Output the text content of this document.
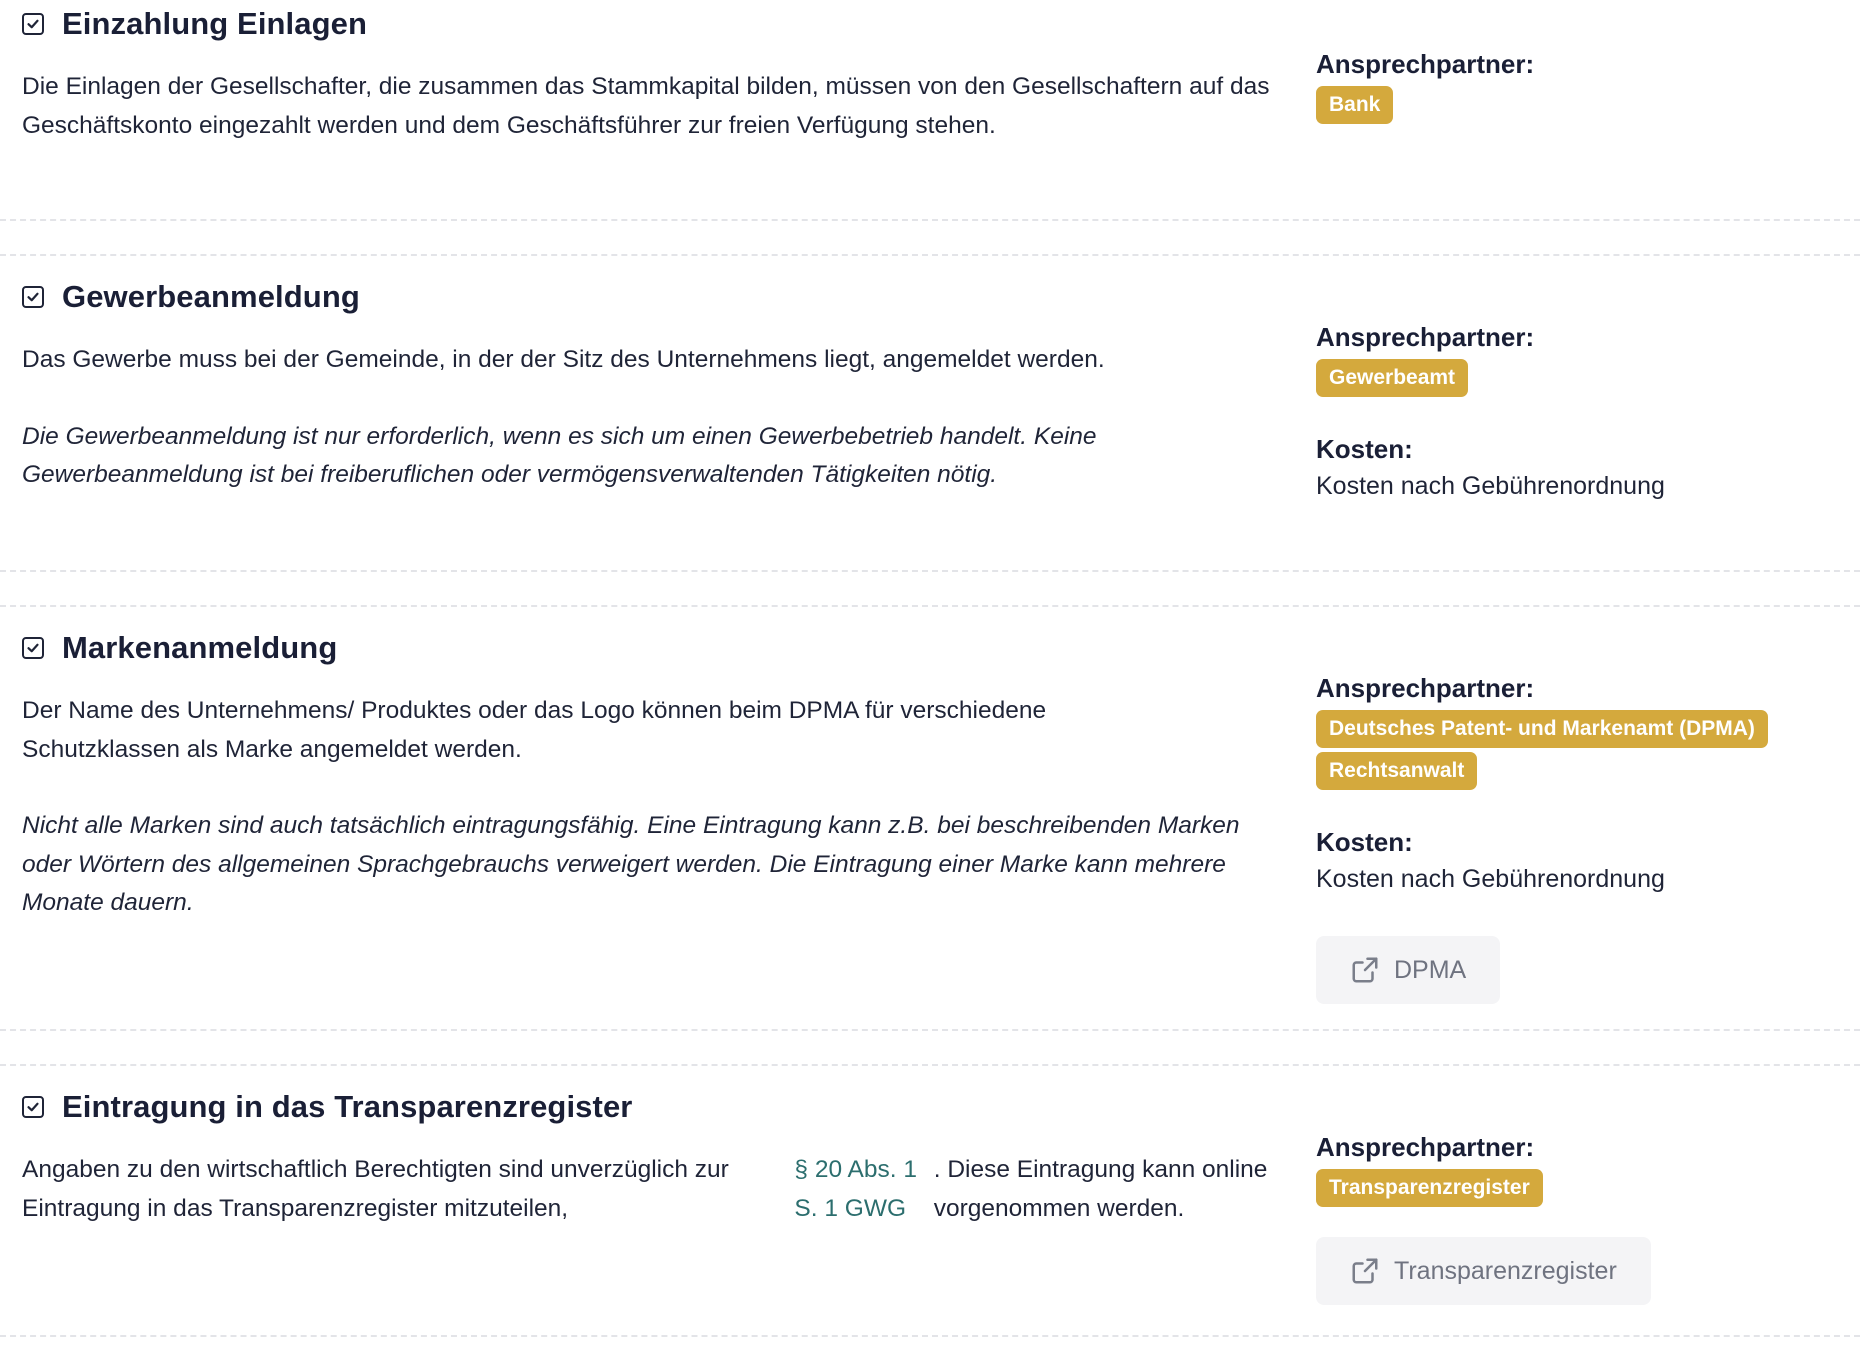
Einzahlung Einlagen

Die Einlagen der Gesellschafter, die zusammen das Stammkapital bilden, müssen von den Gesellschaftern auf das Geschäftskonto eingezahlt werden und dem Geschäftsführer zur freien Verfügung stehen.

Ansprechpartner:
Bank
Gewerbeanmeldung

Das Gewerbe muss bei der Gemeinde, in der der Sitz des Unternehmens liegt, angemeldet werden.

Die Gewerbeanmeldung ist nur erforderlich, wenn es sich um einen Gewerbebetrieb handelt. Keine Gewerbeanmeldung ist bei freiberuflichen oder vermögensverwaltenden Tätigkeiten nötig.

Ansprechpartner:
Gewerbeamt
Kosten:
Kosten nach Gebührenordnung
Markenanmeldung

Der Name des Unternehmens/ Produktes oder das Logo können beim DPMA für verschiedene Schutzklassen als Marke angemeldet werden.

Nicht alle Marken sind auch tatsächlich eintragungsfähig. Eine Eintragung kann z.B. bei beschreibenden Marken oder Wörtern des allgemeinen Sprachgebrauchs verweigert werden. Die Eintragung einer Marke kann mehrere Monate dauern.

Ansprechpartner:
Deutsches Patent- und Markenamt (DPMA)
Rechtsanwalt
Kosten:
Kosten nach Gebührenordnung
DPMA
Eintragung in das Transparenzregister
Angaben zu den wirtschaftlich Berechtigten sind unverzüglich zur Eintragung in das Transparenzregister mitzuteilen,
§ 20 Abs. 1 S. 1 GWG
. Diese Eintragung kann online vorgenommen werden.
Ansprechpartner:
Transparenzregister
Transparenzregister
